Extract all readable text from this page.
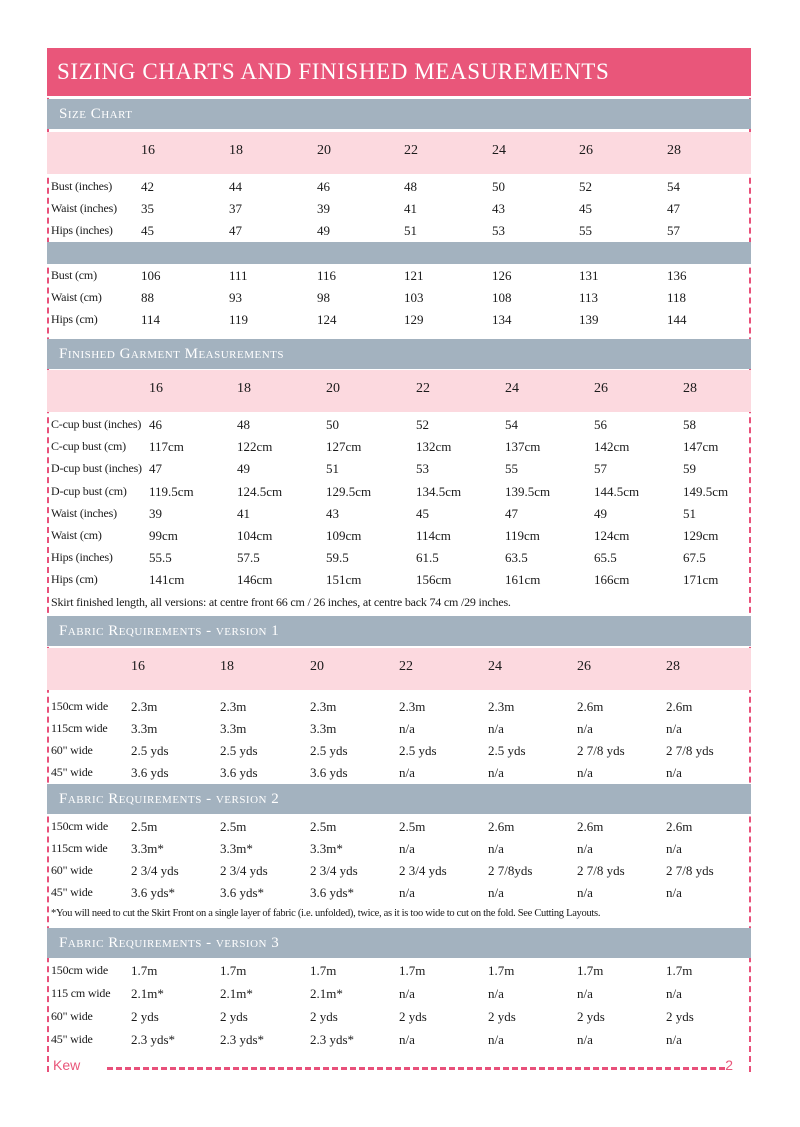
SIZING CHARTS AND FINISHED MEASUREMENTS
Size Chart
16	18	20	22	24	26	28
Bust (inches) 42	44	46	48	50	52	54
Waist (inches) 35	37	39	41	43	45	47
Hips (inches) 45	47	49	51	53	55	57
Bust (cm)	106	111	116	121	126	131	136
Waist (cm)	88	93	98	103	108	113	118
Hips (cm)	114	119	124	129	134	139	144
Finished Garment Measurements
16	18	20	22	24	26	28
C-cup bust (inches) 46	48	50	52	54	56	58
C-cup bust (cm) 117cm	122cm	127cm	132cm	137cm	142cm	147cm
D-cup bust (inches) 47	49	51	53	55	57	59
D-cup bust (cm) 119.5cm	124.5cm	129.5cm	134.5cm	139.5cm	144.5cm	149.5cm
Waist (inches) 39	41	43	45	47	49	51
Waist (cm)	99cm	104cm	109cm	114cm	119cm	124cm	129cm
Hips (inches)	55.5	57.5	59.5	61.5	63.5	65.5	67.5
Hips (cm)	141cm	146cm	151cm	156cm	161cm	166cm	171cm
Skirt finished length, all versions: at centre front 66 cm / 26 inches, at centre back 74 cm /29 inches.
Fabric Requirements - version 1
16	18	20	22	24	26	28
150cm wide 2.3m	2.3m	2.3m	2.3m	2.3m	2.6m	2.6m
115cm wide 3.3m	3.3m	3.3m	n/a	n/a	n/a	n/a
60" wide	2.5 yds	2.5 yds	2.5 yds	2.5 yds	2.5 yds	2 7/8 yds	2 7/8 yds
45" wide	3.6 yds	3.6 yds	3.6 yds	n/a	n/a	n/a	n/a
Fabric Requirements - version 2
150cm wide 2.5m	2.5m	2.5m	2.5m	2.6m	2.6m	2.6m
115cm wide 3.3m*	3.3m*	3.3m*	n/a	n/a	n/a	n/a
60" wide	2 3/4 yds	2 3/4 yds	2 3/4 yds	2 3/4 yds	2 7/8yds	2 7/8 yds	2 7/8 yds
45" wide	3.6 yds*	3.6 yds*	3.6 yds*	n/a	n/a	n/a	n/a
*You will need to cut the Skirt Front on a single layer of fabric (i.e. unfolded), twice, as it is too wide to cut on the fold. See Cutting Layouts.
Fabric Requirements - version 3
150cm wide 1.7m	1.7m	1.7m	1.7m	1.7m	1.7m	1.7m
115 cm wide 2.1m*	2.1m*	2.1m*	n/a	n/a	n/a	n/a
60" wide	2 yds	2 yds	2 yds	2 yds	2 yds	2 yds	2 yds
45" wide	2.3 yds*	2.3 yds*	2.3 yds*	n/a	n/a	n/a	n/a
Kew	2
